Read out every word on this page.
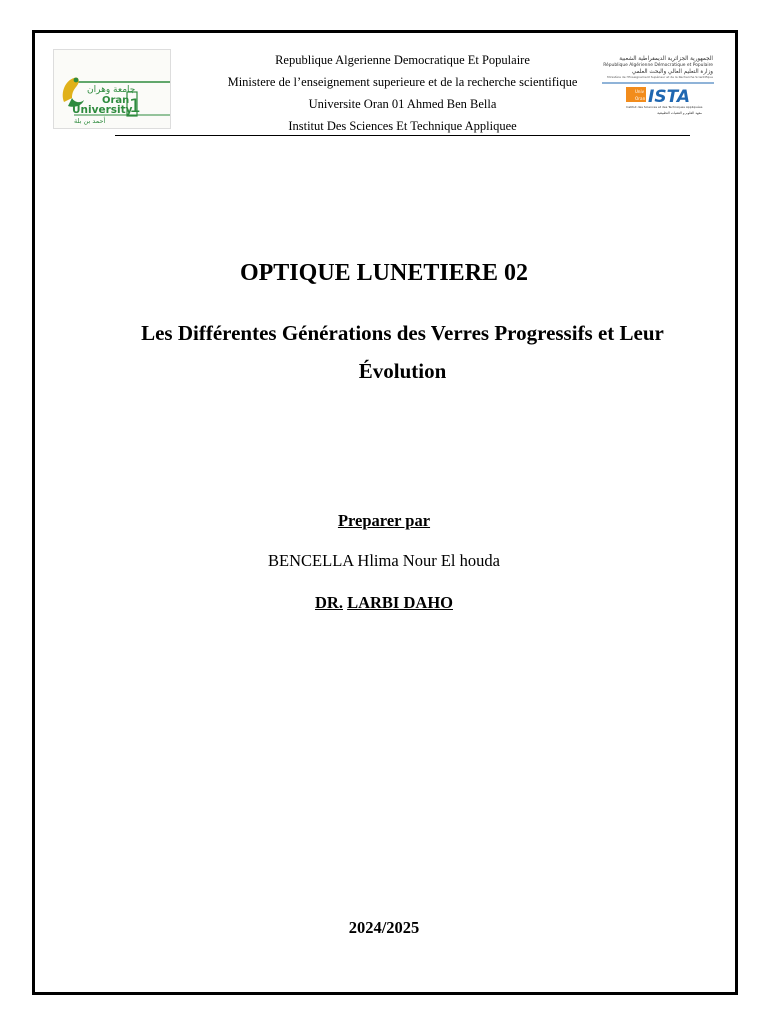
جامعة وهران
Oran
University
1
أحمد بن بلة
Republique Algerienne Democratique Et Populaire
Ministere de l’enseignement superieure et de la recherche scientifique
Universite Oran 01 Ahmed Ben Bella
Institut Des Sciences Et Technique Appliquee
الجمهورية الجزائرية الديمقراطية الشعبية
République Algérienne Démocratique et Populaire
وزارة التعليم العالي والبحث العلمي
Ministère de l'Enseignement Supérieur et de la Recherche Scientifique
Univ
Oran 1
ISTA
Institut des Sciences et des Techniques Appliquées
معهد العلوم و التقنيات التطبيقية
OPTIQUE LUNETIERE 02
Les Différentes Générations des Verres Progressifs et Leur Évolution
Preparer par
BENCELLA Hlima Nour El houda
DR. LARBI DAHO
2024/2025
